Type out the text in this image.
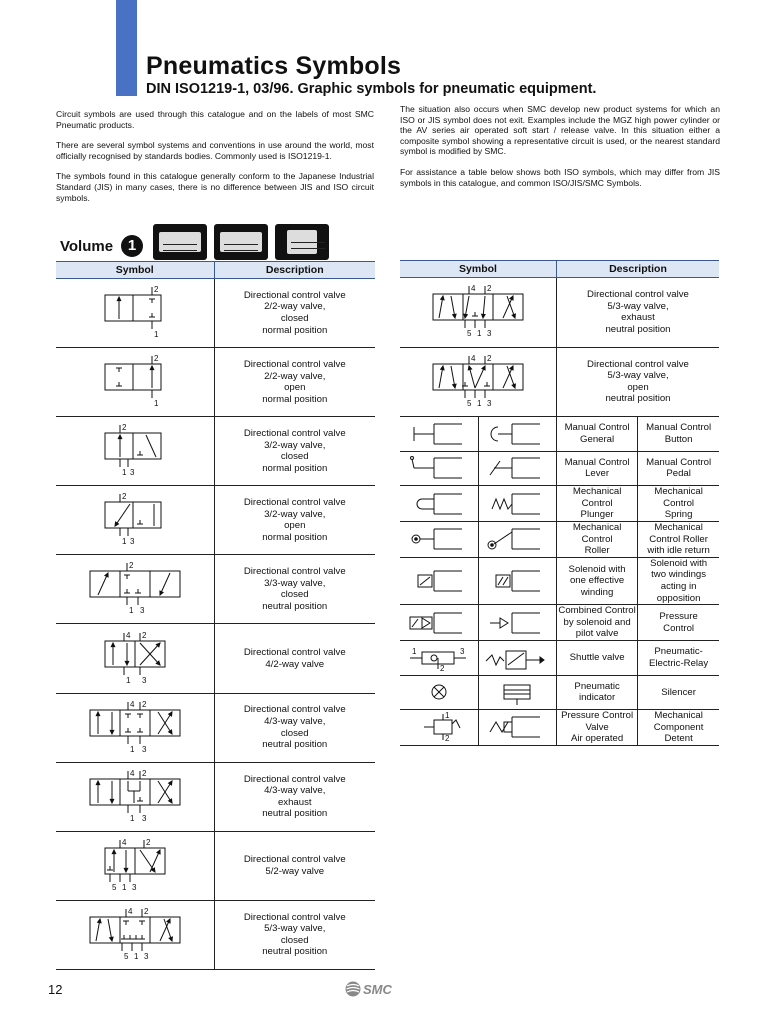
Pneumatics Symbols
DIN ISO1219-1, 03/96. Graphic symbols for pneumatic equipment.

Circuit symbols are used through this catalogue and on the labels of most SMC Pneumatic products.

There are several symbol systems and conventions in use around the world, most officially recognised by standards bodies. Commonly used is ISO1219-1.

The symbols found in this catalogue generally conform to the Japanese Industrial Standard (JIS) in many cases, there is no difference between JIS and ISO circuit symbols.

The situation also occurs when SMC develop new product systems for which an ISO or JIS symbol does not exit. Examples include the MGZ high power cylinder or the AV series air operated soft start / release valve. In this situation either a composite symbol showing a representative circuit is used, or the nearest standard symbol is modified by SMC.

For assistance a table below shows both ISO symbols, which may differ from JIS symbols in this catalogue, and common ISO/JIS/SMC Symbols.

Volume 1
Symbol	Description

2
1	Directional control valve
2/2-way valve,
closed
normal position

2
1	Directional control valve
2/2-way valve,
open
normal position

2
1 3	Directional control valve
3/2-way valve,
closed
normal position

2
1 3	Directional control valve
3/2-way valve,
open
normal position

2
1 3	Directional control valve
3/3-way valve,
closed
neutral position

4 2
1 3	Directional control valve
4/2-way valve

4 2
1 3	Directional control valve
4/3-way valve,
closed
neutral position

4 2
1 3	Directional control valve
4/3-way valve,
exhaust
neutral position

4 2
5 1 3	Directional control valve
5/2-way valve

4 2
5 1 3	Directional control valve
5/3-way valve,
closed
neutral position
Symbol		Description	

4 2
5 1 3		Directional control valve
5/3-way valve,
exhaust
neutral position	

4 2
5 1 3		Directional control valve
5/3-way valve,
open
neutral position	

Manual Control
General	Manual Control
Button

Manual Control
Lever	Manual Control
Pedal

Mechanical
Control
Plunger	Mechanical
Control
Spring

Mechanical
Control
Roller	Mechanical
Control Roller
with idle return

Solenoid with
one effective
winding	Solenoid with
two windings
acting in opposition

Combined Control
by solenoid and
pilot valve	Pressure
Control

1 3
2		Shuttle valve	Pneumatic-
Electric-Relay

Pneumatic
indicator	Silencer

1
2		Pressure Control
Valve
Air operated	Mechanical
Component
Detent
12	SMC
